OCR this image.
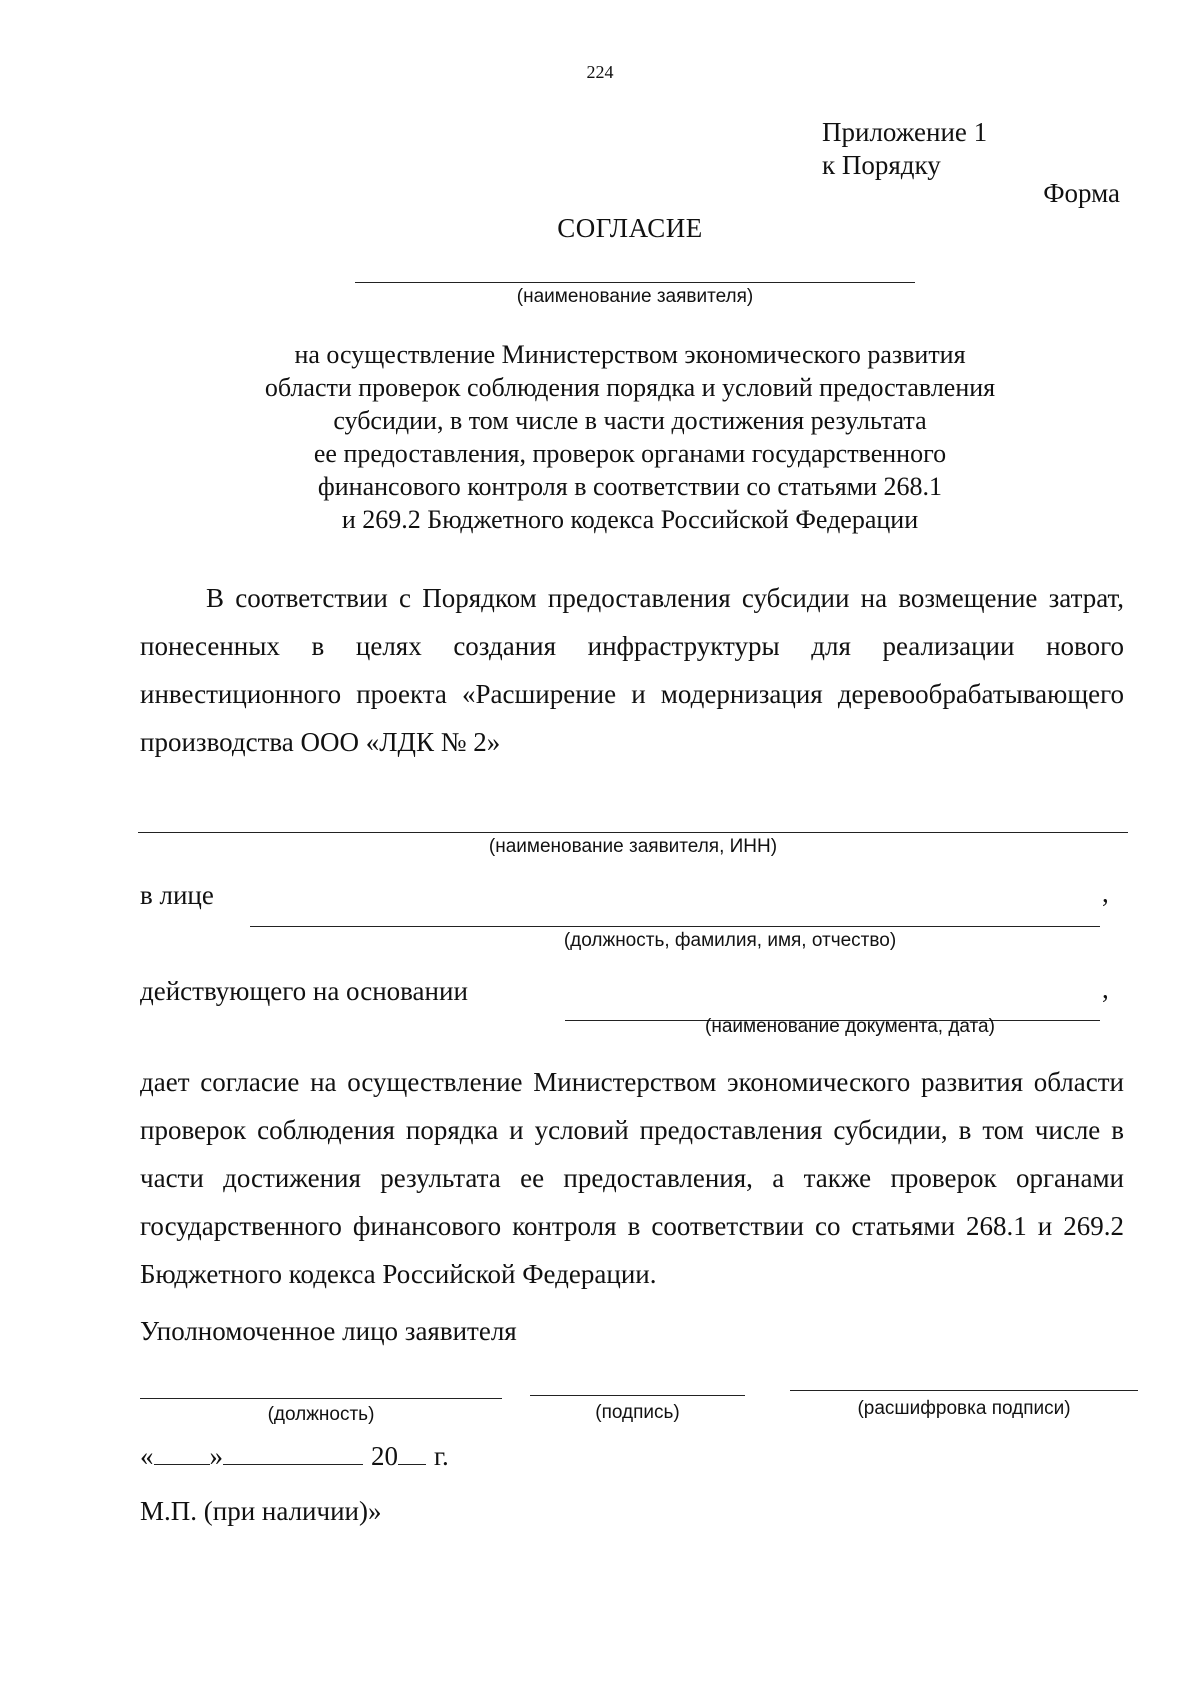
224
Приложение 1
к Порядку
Форма
СОГЛАСИЕ
(наименование заявителя)
на осуществление Министерством экономического развития
области проверок соблюдения порядка и условий предоставления
субсидии, в том числе в части достижения результата
ее предоставления, проверок органами государственного
финансового контроля в соответствии со статьями 268.1
и 269.2 Бюджетного кодекса Российской Федерации
В соответствии с Порядком предоставления субсидии на возмещение затрат, понесенных в целях создания инфраструктуры для реализации нового инвестиционного проекта «Расширение и модернизация деревообрабатывающего производства ООО «ЛДК № 2»
(наименование заявителя, ИНН)
в лице	,
(должность, фамилия, имя, отчество)
действующего на основании	,
(наименование документа, дата)
дает согласие на осуществление Министерством экономического развития области проверок соблюдения порядка и условий предоставления субсидии, в том числе в части достижения результата ее предоставления, а также проверок органами государственного финансового контроля в соответствии со статьями 268.1 и 269.2 Бюджетного кодекса Российской Федерации.
Уполномоченное лицо заявителя
(должность)	(подпись)	(расшифровка подписи)
« »	20 г.
М.П. (при наличии)»
